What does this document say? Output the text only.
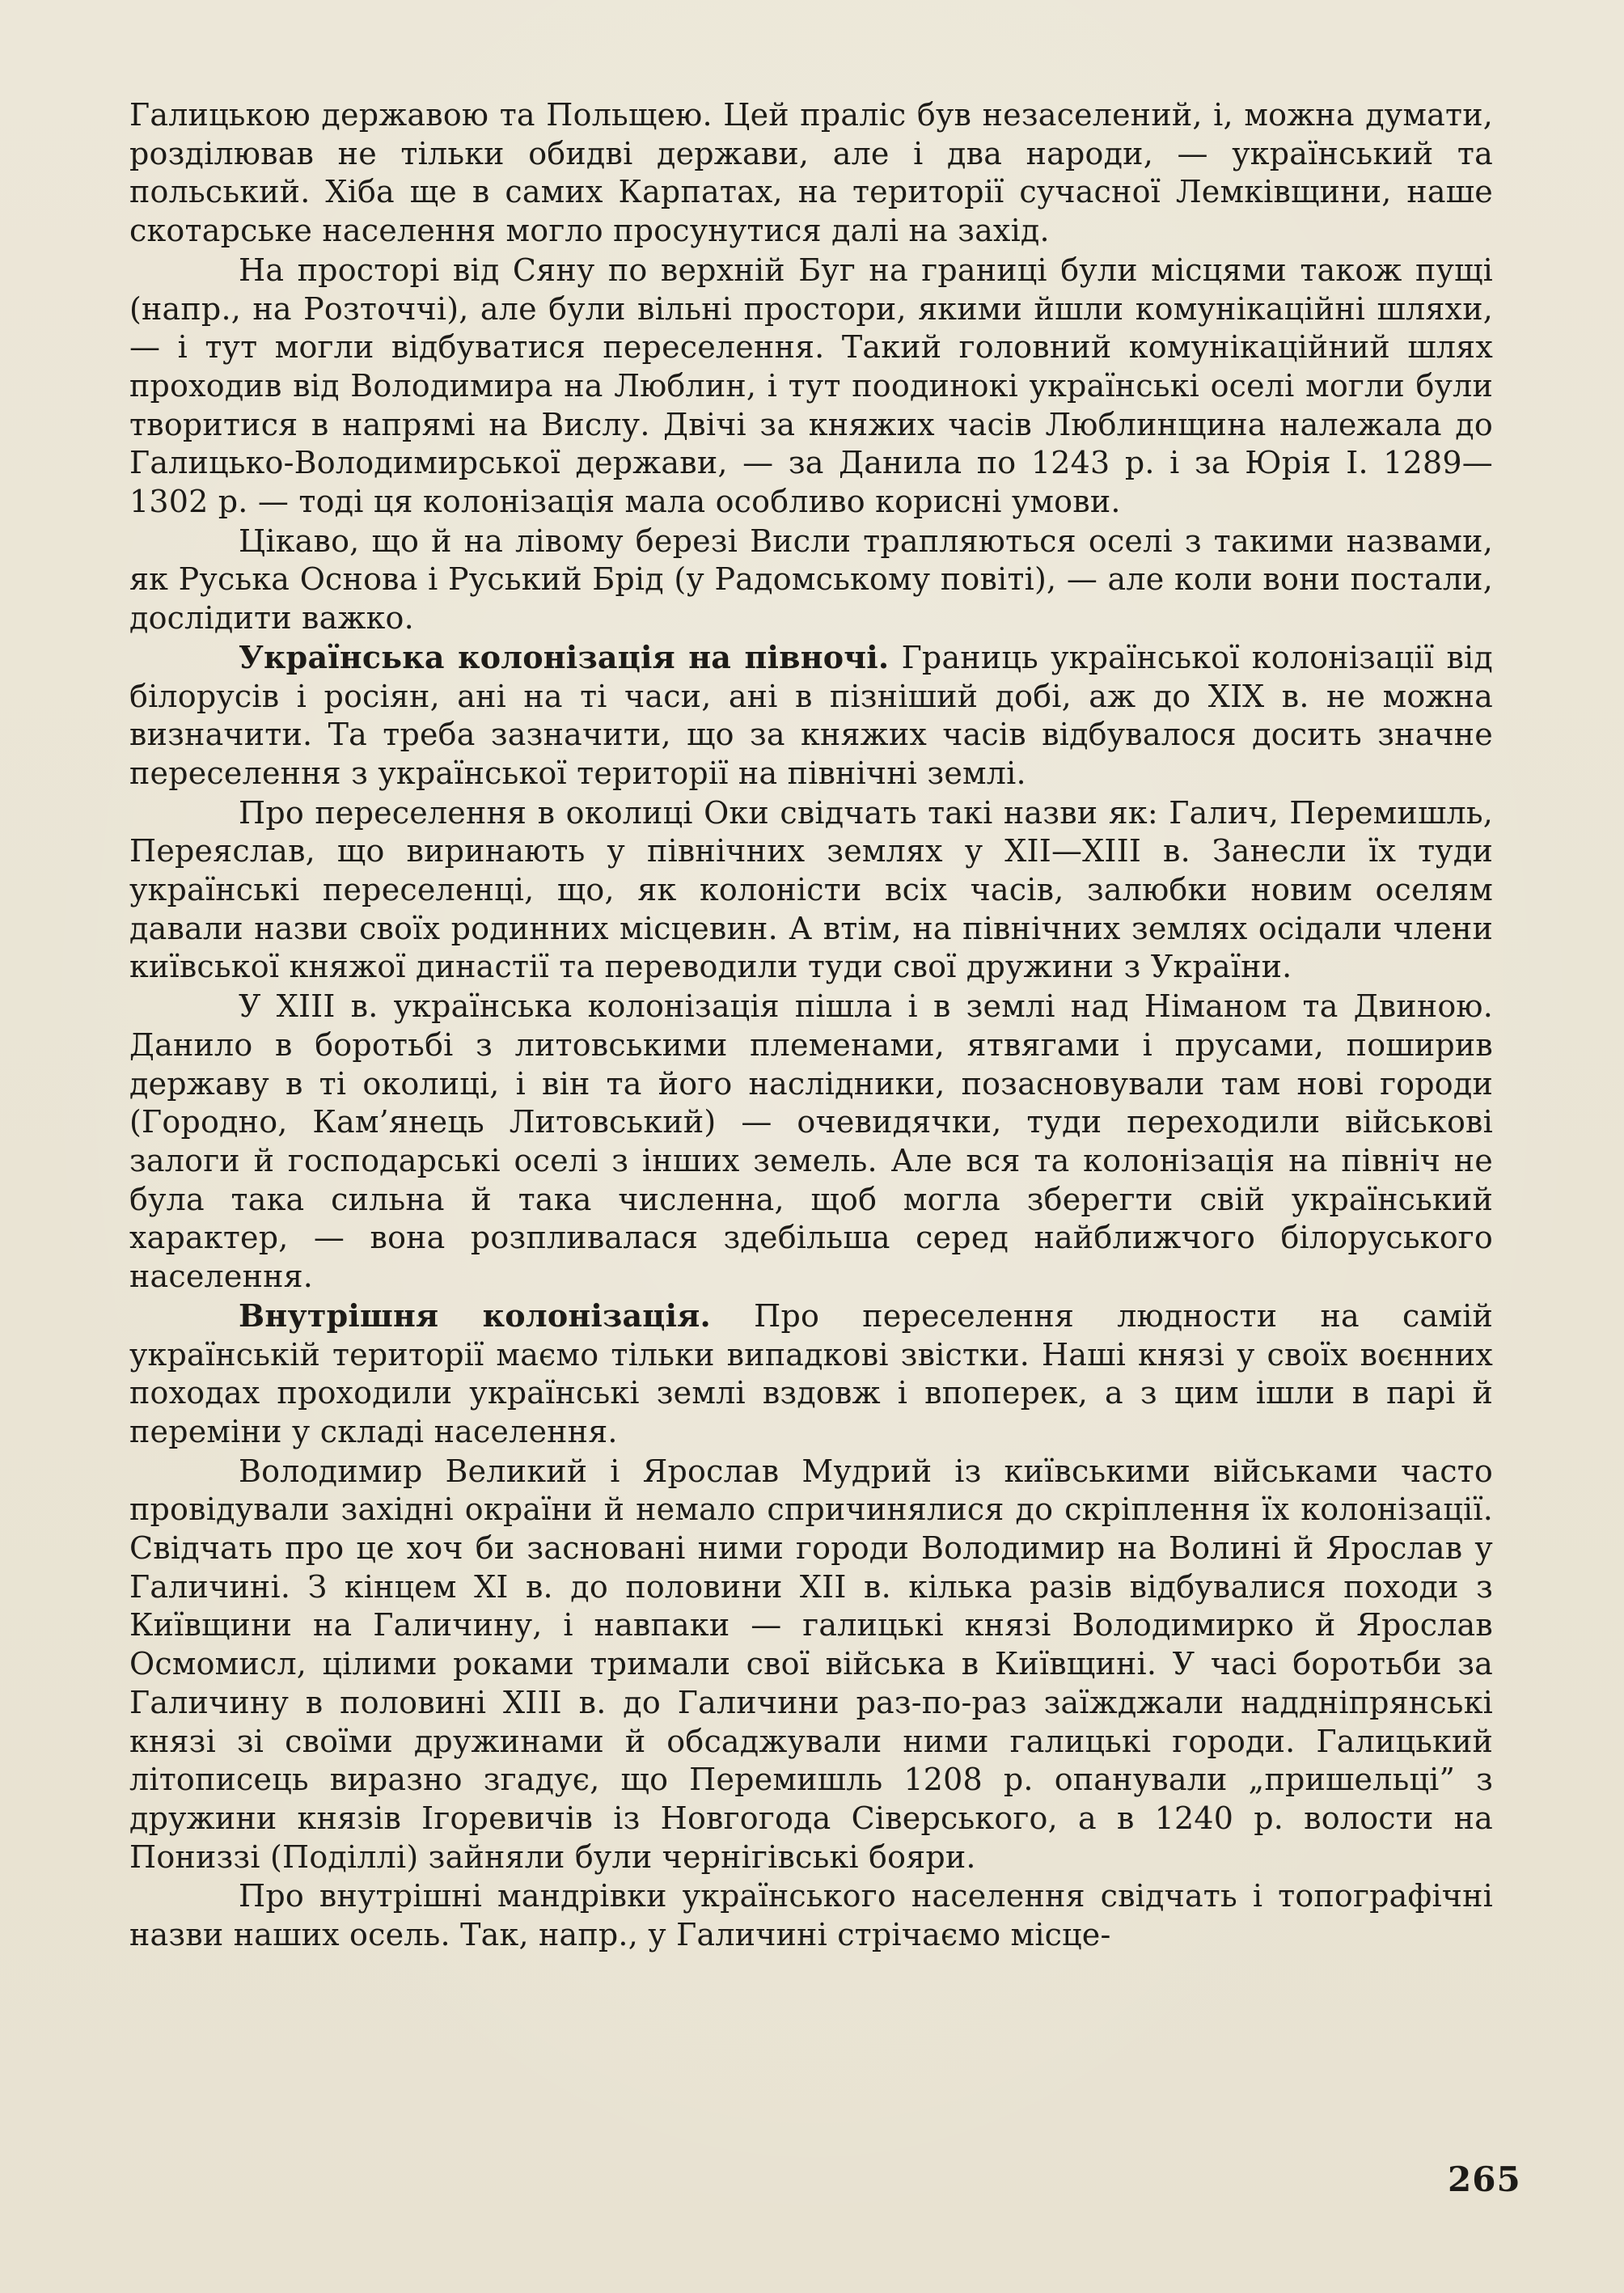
Галицькою державою та Польщею. Цей праліс був незаселений, і, можна думати, розділював не тільки обидві держави, але і два народи, — український та польський. Хіба ще в самих Карпатах, на території сучасної Лемківщини, наше скотарське населення могло просунутися далі на захід.

На просторі від Сяну по верхній Буг на границі були місцями також пущі (напр., на Розточчі), але були вільні простори, якими йшли комунікаційні шляхи, — і тут могли відбуватися переселення. Такий головний комунікаційний шлях проходив від Володимира на Люблин, і тут поодинокі українські оселі могли були творитися в напрямі на Вислу. Двічі за княжих часів Люблинщина належала до Галицько-Володимирської держави, — за Данила по 1243 р. і за Юрія І. 1289—1302 р. — тоді ця колонізація мала особливо корисні умови.

Цікаво, що й на лівому березі Висли трапляються оселі з такими назвами, як Руська Основа і Руський Брід (у Радомському повіті), — але коли вони постали, дослідити важко.

Українська колонізація на півночі. Границь української колонізації від білорусів і росіян, ані на ті часи, ані в пізніший добі, аж до XIX в. не можна визначити. Та треба зазначити, що за княжих часів відбувалося досить значне переселення з української території на північні землі.

Про переселення в околиці Оки свідчать такі назви як: Галич, Перемишль, Переяслав, що виринають у північних землях у XII—XIII в. Занесли їх туди українські переселенці, що, як колоністи всіх часів, залюбки новим оселям давали назви своїх родинних місцевин. А втім, на північних землях осідали члени київської княжої династії та переводили туди свої дружини з України.

У XIII в. українська колонізація пішла і в землі над Німаном та Двиною. Данило в боротьбі з литовськими племенами, ятвягами і прусами, поширив державу в ті околиці, і він та його наслідники, позасновували там нові городи (Городно, Кам’янець Литовський) — очевидячки, туди переходили військові залоги й господарські оселі з інших земель. Але вся та колонізація на північ не була така сильна й така численна, щоб могла зберегти свій український характер, — вона розпливалася здебільша серед найближчого білоруського населення.

Внутрішня колонізація. Про переселення людности на самій українській території маємо тільки випадкові звістки. Наші князі у своїх воєнних походах проходили українські землі вздовж і впоперек, а з цим ішли в парі й переміни у складі населення.

Володимир Великий і Ярослав Мудрий із київськими військами часто провідували західні окраїни й немало спричинялися до скріплення їх колонізації. Свідчать про це хоч би засновані ними городи Володимир на Волині й Ярослав у Галичині. З кінцем XI в. до половини XII в. кілька разів відбувалися походи з Київщини на Галичину, і навпаки — галицькі князі Володимирко й Ярослав Осмомисл, цілими роками тримали свої війська в Київщині. У часі боротьби за Галичину в половині XIII в. до Галичини раз-по-раз заїжджали наддніпрянські князі зі своїми дружинами й обсаджували ними галицькі городи. Галицький літописець виразно згадує, що Перемишль 1208 р. опанували „пришельці” з дружини князів Ігоревичів із Новгогода Сіверського, а в 1240 р. волости на Пониззі (Поділлі) зайняли були чернігівські бояри.

Про внутрішні мандрівки українського населення свідчать і топографічні назви наших осель. Так, напр., у Галичині стрічаємо місце-

265
